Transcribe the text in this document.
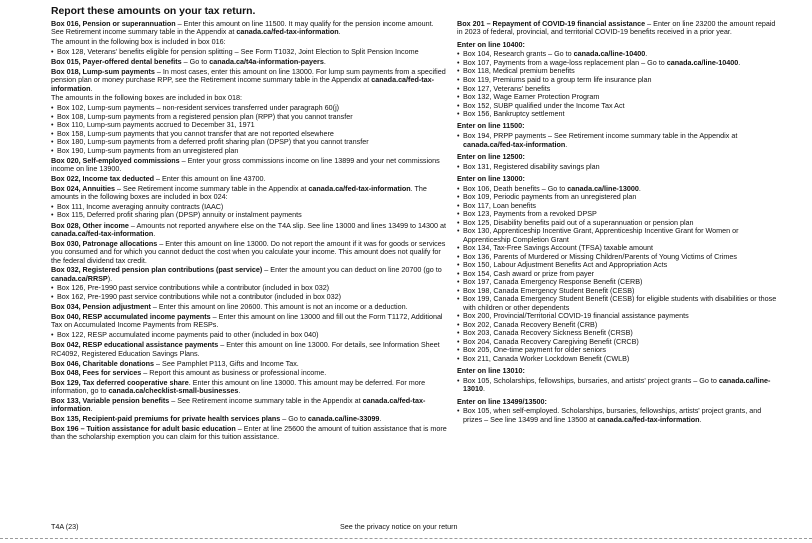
Report these amounts on your tax return.

Box 016, Pension or superannuation – Enter this amount on line 11500. It may qualify for the pension income amount. See Retirement income summary table in the Appendix at canada.ca/fed-tax-information.

The amount in the following box is included in box 016:

• Box 128, Veterans' benefits eligible for pension splitting – See Form T1032, Joint Election to Split Pension Income

Box 015, Payer-offered dental benefits – Go to canada.ca/t4a-information-payers.

Box 018, Lump-sum payments – In most cases, enter this amount on line 13000. For lump sum payments from a specified pension plan or money purchase RPP, see the Retirement income summary table in the Appendix at canada.ca/fed-tax-information.

The amounts in the following boxes are included in box 018:

• Box 102, Lump-sum payments – non-resident services transferred under paragraph 60(j)
• Box 108, Lump-sum payments from a registered pension plan (RPP) that you cannot transfer
• Box 110, Lump-sum payments accrued to December 31, 1971
• Box 158, Lump-sum payments that you cannot transfer that are not reported elsewhere
• Box 180, Lump-sum payments from a deferred profit sharing plan (DPSP) that you cannot transfer
• Box 190, Lump-sum payments from an unregistered plan

Box 020, Self-employed commissions – Enter your gross commissions income on line 13899 and your net commissions income on line 13900.

Box 022, Income tax deducted – Enter this amount on line 43700.

Box 024, Annuities – See Retirement income summary table in the Appendix at canada.ca/fed-tax-information. The amounts in the following boxes are included in box 024:

• Box 111, Income averaging annuity contracts (IAAC)
• Box 115, Deferred profit sharing plan (DPSP) annuity or instalment payments

Box 028, Other income – Amounts not reported anywhere else on the T4A slip. See line 13000 and lines 13499 to 14300 at canada.ca/fed-tax-information.

Box 030, Patronage allocations – Enter this amount on line 13000. Do not report the amount if it was for goods or services you consumed and for which you cannot deduct the cost when you calculate your income. This amount does not qualify for the federal dividend tax credit.

Box 032, Registered pension plan contributions (past service) – Enter the amount you can deduct on line 20700 (go to canada.ca/RRSP).

• Box 126, Pre-1990 past service contributions while a contributor (included in box 032)
• Box 162, Pre-1990 past service contributions while not a contributor (included in box 032)

Box 034, Pension adjustment – Enter this amount on line 20600. This amount is not an income or a deduction.

Box 040, RESP accumulated income payments – Enter this amount on line 13000 and fill out the Form T1172, Additional Tax on Accumulated Income Payments from RESPs.

• Box 122, RESP accumulated income payments paid to other (included in box 040)

Box 042, RESP educational assistance payments – Enter this amount on line 13000. For details, see Information Sheet RC4092, Registered Education Savings Plans.

Box 046, Charitable donations – See Pamphlet P113, Gifts and Income Tax.

Box 048, Fees for services – Report this amount as business or professional income.

Box 129, Tax deferred cooperative share. Enter this amount on line 13000. This amount may be deferred. For more information, go to canada.ca/checklist-small-businesses.

Box 133, Variable pension benefits – See Retirement income summary table in the Appendix at canada.ca/fed-tax-information.

Box 135, Recipient-paid premiums for private health services plans – Go to canada.ca/line-33099.

Box 196 – Tuition assistance for adult basic education – Enter at line 25600 the amount of tuition assistance that is more than the scholarship exemption you can claim for this tuition assistance.

Box 201 – Repayment of COVID-19 financial assistance – Enter on line 23200 the amount repaid in 2023 of federal, provincial, and territorial COVID-19 benefits received in a prior year.

Enter on line 10400:
• Box 104, Research grants – Go to canada.ca/line-10400.
• Box 107, Payments from a wage-loss replacement plan – Go to canada.ca/line-10400.
• Box 118, Medical premium benefits
• Box 119, Premiums paid to a group term life insurance plan
• Box 127, Veterans' benefits
• Box 132, Wage Earner Protection Program
• Box 152, SUBP qualified under the Income Tax Act
• Box 156, Bankruptcy settlement
Enter on line 11500:
• Box 194, PRPP payments – See Retirement income summary table in the Appendix at canada.ca/fed-tax-information.
Enter on line 12500:
• Box 131, Registered disability savings plan
Enter on line 13000:
• Box 106, Death benefits – Go to canada.ca/line-13000.
• Box 109, Periodic payments from an unregistered plan
• Box 117, Loan benefits
• Box 123, Payments from a revoked DPSP
• Box 125, Disability benefits paid out of a superannuation or pension plan
• Box 130, Apprenticeship Incentive Grant, Apprenticeship Incentive Grant for Women or Apprenticeship Completion Grant
• Box 134, Tax-Free Savings Account (TFSA) taxable amount
• Box 136, Parents of Murdered or Missing Children/Parents of Young Victims of Crimes
• Box 150, Labour Adjustment Benefits Act and Appropriation Acts
• Box 154, Cash award or prize from payer
• Box 197, Canada Emergency Response Benefit (CERB)
• Box 198, Canada Emergency Student Benefit (CESB)
• Box 199, Canada Emergency Student Benefit (CESB) for eligible students with disabilities or those with children or other dependents
• Box 200, Provincial/Territorial COVID-19 financial assistance payments
• Box 202, Canada Recovery Benefit (CRB)
• Box 203, Canada Recovery Sickness Benefit (CRSB)
• Box 204, Canada Recovery Caregiving Benefit (CRCB)
• Box 205, One-time payment for older seniors
• Box 211, Canada Worker Lockdown Benefit (CWLB)
Enter on line 13010:
• Box 105, Scholarships, fellowships, bursaries, and artists' project grants – Go to canada.ca/line-13010.
Enter on line 13499/13500:
• Box 105, when self-employed. Scholarships, bursaries, fellowships, artists' project grants, and prizes – See line 13499 and line 13500 at canada.ca/fed-tax-information.
T4A (23)	See the privacy notice on your return
